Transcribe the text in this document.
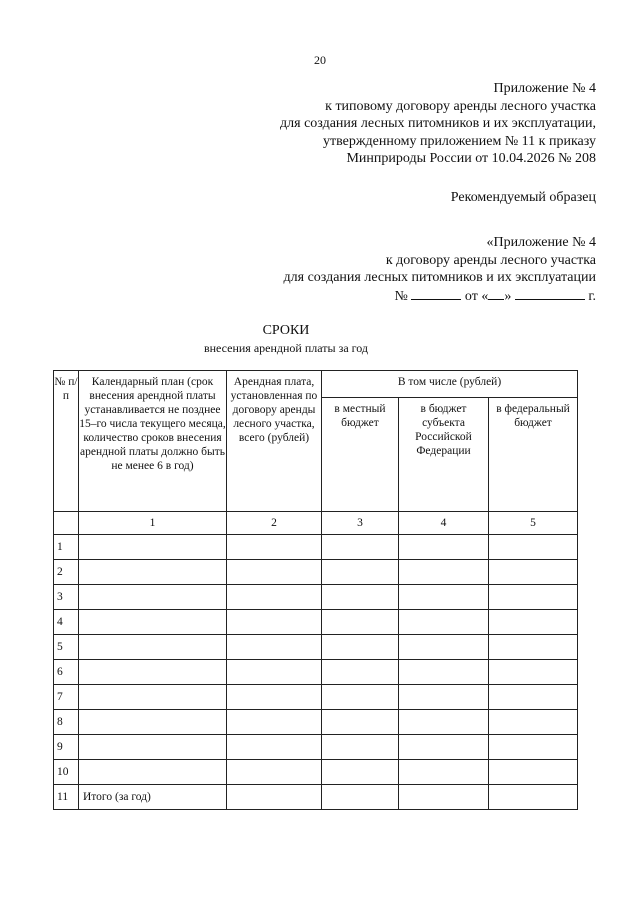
20
Приложение № 4
к типовому договору аренды лесного участка
для создания лесных питомников и их эксплуатации,
утвержденному приложением № 11 к приказу
Минприроды России от 10.04.2026 № 208
Рекомендуемый образец
«Приложение № 4
к договору аренды лесного участка
для создания лесных питомников и их эксплуатации
№	от « »	г.
СРОКИ
внесения арендной платы за год
№ п/п	Календарный план (срок внесения арендной платы устанавливается не позднее 15–го числа текущего месяца, количество сроков внесения арендной платы должно быть не менее 6 в год)	Арендная плата, установленная по договору аренды лесного участка, всего (рублей)	В том числе (рублей)		
			в местный бюджет	в бюджет субъекта Российской Федерации	в федеральный бюджет
	1	2	3	4	5
1					
2					
3					
4					
5					
6					
7					
8					
9					
10					
11	Итого (за год)				
